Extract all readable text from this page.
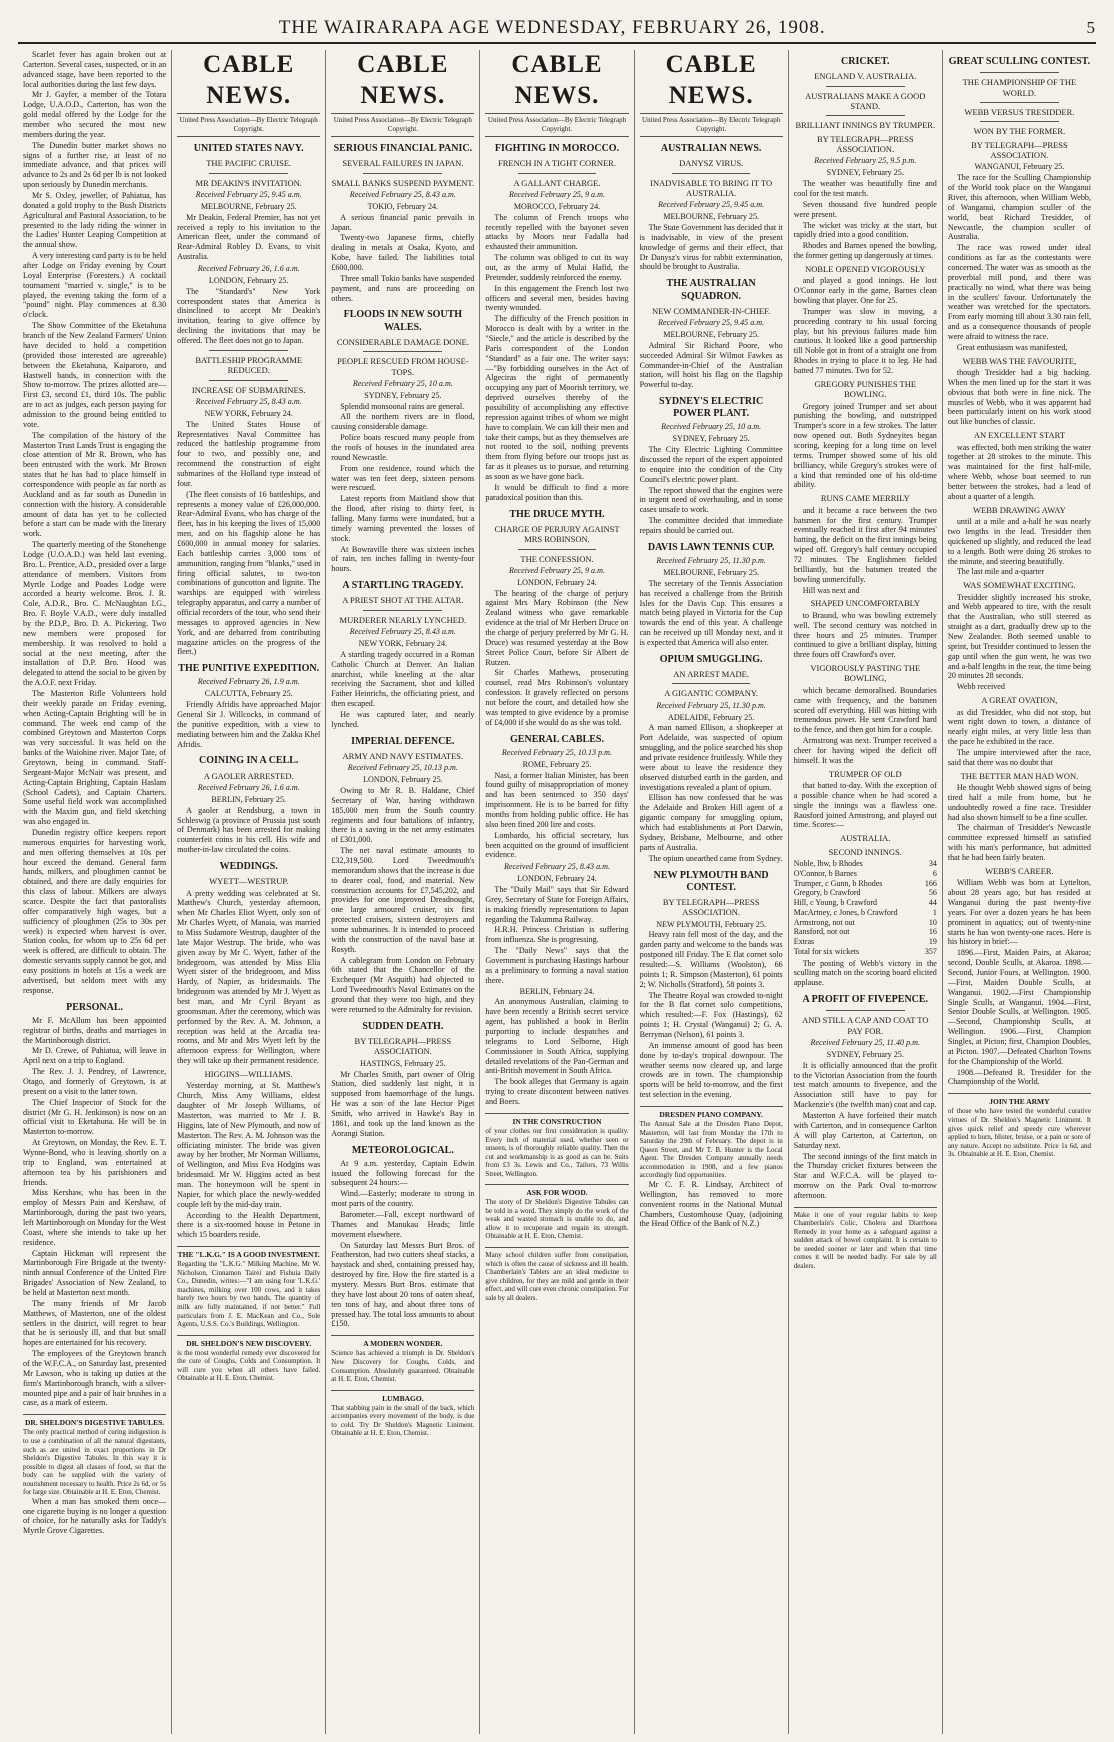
THE WAIRARAPA AGE WEDNESDAY, FEBRUARY 26, 1908.	5

Scarlet fever has again broken out at Carterton. Several cases, suspected, or in an advanced stage, have been reported to the local authorities during the last few days.

Mr J. Gayfer, a member of the Totara Lodge, U.A.O.D., Carterton, has won the gold medal offered by the Lodge for the member who secured the most new members during the year.

The Dunedin butter market shows no signs of a further rise, at least of no immediate advance, and that prices will advance to 2s and 2s 6d per lb is not looked upon seriously by Dunedin merchants.

Mr S. Oxley, jeweller, of Pahiatua, has donated a gold trophy to the Bush Districts Agricultural and Pastoral Association, to be presented to the lady riding the winner in the Ladies' Hunter Leaping Competition at the annual show.

A very interesting card party is to be held after Lodge on Friday evening by Court Loyal Enterprise (Foresters.) A cocktail tournament "married v. single," is to be played, the evening taking the form of a "pound" night. Play commences at 8.30 o'clock.

The Show Committee of the Eketahuna branch of the New Zealand Farmers' Union have decided to hold a competition (provided those interested are agreeable) between the Eketahuna, Kaiparoro, and Hastwell bands, in connection with the Show to-morrow. The prizes allotted are—First £3, second £1, third 10s. The public are to act as judges, each person paying for admission to the ground being entitled to vote.

The compilation of the history of the Masterton Trust Lands Trust is engaging the close attention of Mr R. Brown, who has been entrusted with the work. Mr Brown states that he has had to place himself in correspondence with people as far north as Auckland and as far south as Dunedin in connection with the history. A considerable amount of data has yet to be collected before a start can be made with the literary work.

The quarterly meeting of the Stonehenge Lodge (U.O.A.D.) was held last evening. Bro. L. Prentice, A.D., presided over a large attendance of members. Visitors from Myrtle Lodge and Poades Lodge were accorded a hearty welcome. Bros. J. R. Cole, A.D.R., Bro. C. McNaughtan I.G., Bro. F. Boyle V.A.D., were duly installed by the P.D.P., Bro. D. A. Pickering. Two new members were proposed for membership. It was resolved to hold a social at the next meeting, after the installation of D.P. Bro. Hood was delegated to attend the social to be given by the A.O.F. next Friday.

The Masterton Rifle Volunteers hold their weekly parade on Friday evening, when Acting-Captain Brighting will be in command. The week end camp of the combined Greytown and Masterton Corps was very successful. It was held on the banks of the Waiohine river. Major Tate, of Greytown, being in command. Staff-Sergeant-Major McNair was present, and Acting-Captain Brighting, Captain Haslam (School Cadets), and Captain Charters. Some useful field work was accomplished with the Maxim gun, and field sketching was also engaged in.

Dunedin registry office keepers report numerous enquiries for harvesting work, and men offering themselves at 10s per hour exceed the demand. General farm hands, milkers, and ploughmen cannot be obtained, and there are daily enquiries for this class of labour. Milkers are always scarce. Despite the fact that pastoralists offer comparatively high wages, but a sufficiency of ploughmen (25s to 30s per week) is expected when harvest is over. Station cooks, for whom up to 25s 6d per week is offered, are difficult to obtain. The domestic servants supply cannot be got, and easy positions in hotels at 15s a week are advertised, but seldom meet with any response.

PERSONAL.

Mr F. McAllum has been appointed registrar of births, deaths and marriages in the Martinborough district.

Mr D. Crewe, of Pahiatua, will leave in April next on a trip to England.

The Rev. J. J. Pendrey, of Lawrence, Otago, and formerly of Greytown, is at present on a visit to the latter town.

The Chief Inspector of Stock for the district (Mr G. H. Jenkinson) is now on an official visit to Eketahuna. He will be in Masterton to-morrow.

At Greytown, on Monday, the Rev. E. T. Wynne-Bond, who is leaving shortly on a trip to England, was entertained at afternoon tea by his parishioners and friends.

Miss Kershaw, who has been in the employ of Messrs Pain and Kershaw, of Martinborough, during the past two years, left Martinborough on Monday for the West Coast, where she intends to take up her residence.

Captain Hickman will represent the Martinborough Fire Brigade at the twenty-ninth annual Conference of the United Fire Brigades' Association of New Zealand, to be held at Masterton next month.

The many friends of Mr Jacob Matthews, of Masterton, one of the oldest settlers in the district, will regret to hear that he is seriously ill, and that but small hopes are entertained for his recovery.

The employees of the Greytown branch of the W.F.C.A., on Saturday last, presented Mr Lawson, who is taking up duties at the firm's Martinborough branch, with a silver-mounted pipe and a pair of hair brushes in a case, as a mark of esteem.

DR. SHELDON'S DIGESTIVE TABULES.
The only practical method of curing indigestion is to use a combination of all the natural digestants, such as are united in exact proportions in Dr Sheldon's Digestive Tabules. In this way it is possible to digest all classes of food, so that the body can be supplied with the variety of nourishment necessary to health. Price 2s 6d, or 5s for large size. Obtainable at H. E. Eton, Chemist.

When a man has smoked them once—one cigarette buying is no longer a question of choice, for he naturally asks for Taddy's Myrtle Grove Cigarettes.

CABLE NEWS.
United Press Association—By Electric Telegraph Copyright.
UNITED STATES NAVY.
THE PACIFIC CRUISE.
MR DEAKIN'S INVITATION.
Received February 25, 9.45 a.m.
MELBOURNE, February 25.

Mr Deakin, Federal Premier, has not yet received a reply to his invitation to the American fleet, under the command of Rear-Admiral Robley D. Evans, to visit Australia.

Received February 26, 1.6 a.m.
LONDON, February 25.

The "Standard's" New York correspondent states that America is disinclined to accept Mr Deakin's invitation, fearing to give offence by declining the invitations that may be offered. The fleet does not go to Japan.

BATTLESHIP PROGRAMME REDUCED.
INCREASE OF SUBMARINES.
Received February 25, 8.43 a.m.
NEW YORK, February 24.

The United States House of Representatives Naval Committee has reduced the battleship programme from four to two, and possibly one, and recommend the construction of eight submarines of the Holland type instead of four.

(The fleet consists of 16 battleships, and represents a money value of £26,000,000. Rear-Admiral Evans, who has charge of the fleet, has in his keeping the lives of 15,000 men, and on his flagship alone he has £600,000 in annual money for salaries. Each battleship carries 3,000 tons of ammunition, ranging from "blanks," used in firing official salutes, to two-ton combinations of guncotton and lignite. The warships are equipped with wireless telegraphy apparatus, and carry a number of official recorders of the tour, who send their messages to approved agencies in New York, and are debarred from contributing magazine articles on the progress of the fleet.)

THE PUNITIVE EXPEDITION.
Received February 26, 1.9 a.m.
CALCUTTA, February 25.

Friendly Afridis have approached Major General Sir J. Willcocks, in command of the punitive expedition, with a view to mediating between him and the Zakka Khel Afridis.

COINING IN A CELL.
A GAOLER ARRESTED.
Received February 26, 1.6 a.m.
BERLIN, February 25.

A gaoler at Rendsburg, a town in Schleswig (a province of Prussia just south of Denmark) has been arrested for making counterfeit coins in his cell. His wife and mother-in-law circulated the coins.

WEDDINGS.
WYETT—WESTRUP.

A pretty wedding was celebrated at St. Matthew's Church, yesterday afternoon, when Mr Charles Eliot Wyett, only son of Mr Charles Wyett, of Manaia, was married to Miss Sudamore Westrup, daughter of the late Major Westrup. The bride, who was given away by Mr C. Wyett, father of the bridegroom, was attended by Miss Elia Wyett sister of the bridegroom, and Miss Hardy, of Napier, as bridesmaids. The bridegroom was attended by Mr J. Wyett as best man, and Mr Cyril Bryant as groomsman. After the ceremony, which was performed by the Rev. A. M. Johnson, a reception was held at the Arcadia tea-rooms, and Mr and Mrs Wyett left by the afternoon express for Wellington, where they will take up their permanent residence.

HIGGINS—WILLIAMS.

Yesterday morning, at St. Matthew's Church, Miss Amy Williams, eldest daughter of Mr Joseph Williams, of Masterton, was married to Mr J. B. Higgins, late of New Plymouth, and now of Masterton. The Rev. A. M. Johnson was the officiating minister. The bride was given away by her brother, Mr Norman Williams, of Wellington, and Miss Eva Hodgins was bridesmaid. Mr W. Higgins acted as best man. The honeymoon will be spent in Napier, for which place the newly-wedded couple left by the mid-day train.

According to the Health Department, there is a six-roomed house in Petone in which 15 boarders reside.

THE "L.K.G." IS A GOOD INVESTMENT.
Regarding the "L.K.G." Milking Machine, Mr W. Nicholson, Cinnamon Tairei and Fishuia Daily Co., Dunedin, writes:—"I am using four 'L.K.G.' machines, milking over 100 cows, and it takes barely two hours by two hands. The quantity of milk are fully maintained, if not better." Full particulars from J. E. MacKean and Co., Sole Agents, U.S.S. Co.'s Buildings, Wellington.
DR. SHELDON'S NEW DISCOVERY.
is the most wonderful remedy ever discovered for the cure of Coughs, Colds and Consumption. It will cure you when all others have failed. Obtainable at H. E. Eton, Chemist.
CABLE NEWS.
United Press Association—By Electric Telegraph Copyright.
SERIOUS FINANCIAL PANIC.
SEVERAL FAILURES IN JAPAN.
SMALL BANKS SUSPEND PAYMENT.
Received February 25, 8.43 a.m.
TOKIO, February 24.

A serious financial panic prevails in Japan.

Twenty-two Japanese firms, chiefly dealing in metals at Osaka, Kyoto, and Kobe, have failed. The liabilities total £600,000.

Three small Tokio banks have suspended payment, and runs are proceeding on others.

FLOODS IN NEW SOUTH WALES.
CONSIDERABLE DAMAGE DONE.
PEOPLE RESCUED FROM HOUSE-TOPS.
Received February 25, 10 a.m.
SYDNEY, February 25.

Splendid monsoonal rains are general.

All the northern rivers are in flood, causing considerable damage.

Police boats rescued many people from the roofs of houses in the inundated area round Newcastle.

From one residence, round which the water was ten feet deep, sixteen persons were rescued.

Latest reports from Maitland show that the flood, after rising to thirty feet, is falling. Many farms were inundated, but a timely warning prevented the losses of stock.

At Bowraville there was sixteen inches of rain, ten inches falling in twenty-four hours.

A STARTLING TRAGEDY.
A PRIEST SHOT AT THE ALTAR.
MURDERER NEARLY LYNCHED.
Received February 25, 8.43 a.m.
NEW YORK, February 24.

A startling tragedy occurred in a Roman Catholic Church at Denver. An Italian anarchist, while kneeling at the altar receiving the Sacrament, shot and killed Father Heinrichs, the officiating priest, and then escaped.

He was captured later, and nearly lynched.

IMPERIAL DEFENCE.
ARMY AND NAVY ESTIMATES.
Received February 25, 10.13 p.m.
LONDON, February 25.

Owing to Mr R. B. Haldane, Chief Secretary of War, having withdrawn 185,000 men from the South country regiments and four battalions of infantry, there is a saving in the net army estimates of £301,000.

The net naval estimate amounts to £32,319,500. Lord Tweedmouth's memorandum shows that the increase is due to dearer coal, food, and material. New construction accounts for £7,545,202, and provides for one improved Dreadnought, one large armoured cruiser, six first protected cruisers, sixteen destroyers and some submarines. It is intended to proceed with the construction of the naval base at Rosyth.

A cablegram from London on February 6th stated that the Chancellor of the Exchequer (Mr Asquith) had objected to Lord Tweedmouth's Naval Estimates on the ground that they were too high, and they were returned to the Admiralty for revision.

SUDDEN DEATH.
BY TELEGRAPH—PRESS ASSOCIATION.
HASTINGS, February 25.

Mr Charles Smith, part owner of Olrig Station, died suddenly last night, it is supposed from haemorrhage of the lungs. He was a son of the late Hector Piget Smith, who arrived in Hawke's Bay in 1861, and took up the land known as the Aorangi Station.

METEOROLOGICAL.

At 9 a.m. yesterday, Captain Edwin issued the following forecast for the subsequent 24 hours:—

Wind.—Easterly; moderate to strong in most parts of the country.

Barometer.—Fall, except northward of Thames and Manukau Heads; little movement elsewhere.

On Saturday last Messrs Burt Bros. of Featherston, had two cutters sheaf stacks, a haystack and shed, containing pressed hay, destroyed by fire. How the fire started is a mystery. Messrs Burt Bros. estimate that they have lost about 20 tons of oaten sheaf, ten tons of hay, and about three tons of pressed hay. The total loss amounts to about £150.

A MODERN WONDER.
Science has achieved a triumph in Dr. Sheldon's New Discovery for Coughs, Colds, and Consumption. Absolutely guaranteed. Obtainable at H. E. Eton, Chemist.
LUMBAGO.
That stabbing pain in the small of the back, which accompanies every movement of the body, is due to cold. Try Dr Sheldon's Magnetic Liniment. Obtainable at H. E. Eton, Chemist.
CABLE NEWS.
United Press Association—By Electric Telegraph Copyright.
FIGHTING IN MOROCCO.
FRENCH IN A TIGHT CORNER.
A GALLANT CHARGE.
Received February 25, 9 a.m.
MOROCCO, February 24.

The column of French troops who recently repelled with the bayonet seven attacks by Moors near Fadalla had exhausted their ammunition.

The column was obliged to cut its way out, as the army of Mulai Hafid, the Pretender, suddenly reinforced the enemy.

In this engagement the French lost two officers and several men, besides having twenty wounded.

The difficulty of the French position in Morocco is dealt with by a writer in the "Siecle," and the article is described by the Paris correspondent of the London "Standard" as a fair one. The writer says:—"By forbidding ourselves in the Act of Algeciras the right of permanently occupying any part of Moorish territory, we deprived ourselves thereby of the possibility of accomplishing any effective repression against tribes of whom we might have to complain. We can kill their men and take their camps, but as they themselves are not rooted to the soil, nothing prevents them from flying before our troops just as far as it pleases us to pursue, and returning as soon as we have gone back.

It would be difficult to find a more paradoxical position than this.

THE DRUCE MYTH.
CHARGE OF PERJURY AGAINST MRS ROBINSON.
THE CONFESSION.
Received February 25, 9 a.m.
LONDON, February 24.

The hearing of the charge of perjury against Mrs Mary Robinson (the New Zealand witness who gave remarkable evidence at the trial of Mr Herbert Druce on the charge of perjury preferred by Mr G. H. Druce) was resumed yesterday at the Bow Street Police Court, before Sir Albert de Rutzen.

Sir Charles Mathews, prosecuting counsel, read Mrs Robinson's voluntary confession. It gravely reflected on persons not before the court, and detailed how she was tempted to give evidence by a promise of £4,000 if she would do as she was told.

GENERAL CABLES.
Received February 25, 10.13 p.m.
ROME, February 25.

Nasi, a former Italian Minister, has been found guilty of misappropriation of money and has been sentenced to 350 days' imprisonment. He is to be barred for fifty months from holding public office. He has also been fined 200 lire and costs.

Lombardo, his official secretary, has been acquitted on the ground of insufficient evidence.

Received February 25, 8.43 a.m.
LONDON, February 24.

The "Daily Mail" says that Sir Edward Grey, Secretary of State for Foreign Affairs, is making friendly representations to Japan regarding the Takumma Railway.

H.R.H. Princess Christian is suffering from influenza. She is progressing.

The "Daily News" says that the Government is purchasing Hastings harbour as a preliminary to forming a naval station there.

BERLIN, February 24.

An anonymous Australian, claiming to have been recently a British secret service agent, has published a book in Berlin purporting to include despatches and telegrams to Lord Selborne, High Commissioner in South Africa, supplying detailed revelations of the Pan-German and anti-British movement in South Africa.

The book alleges that Germany is again trying to create discontent between natives and Boers.

IN THE CONSTRUCTION
of your clothes our first consideration is quality. Every inch of material used, whether seen or unseen, is of thoroughly reliable quality. Then the cut and workmanship is as good as can be. Suits from £3 3s. Lewis and Co., Tailors, 73 Willis Street, Wellington.
ASK FOR WOOD.
The story of Dr Sheldon's Digestive Tabules can be told in a word. They simply do the work of the weak and wasted stomach is unable to do, and allow it to recuperate and regain its strength. Obtainable at H. E. Eton, Chemist.
Many school children suffer from constipation, which is often the cause of sickness and ill health. Chamberlain's Tablets are an ideal medicine to give children, for they are mild and gentle in their effect, and will cure even chronic constipation. For sale by all dealers.
CABLE NEWS.
United Press Association—By Electric Telegraph Copyright.
AUSTRALIAN NEWS.
DANYSZ VIRUS.
INADVISABLE TO BRING IT TO AUSTRALIA.
Received February 25, 9.45 a.m.
MELBOURNE, February 25.

The State Government has decided that it is inadvisable, in view of the present knowledge of germs and their effect, that Dr Danysz's virus for rabbit extermination, should be brought to Australia.

THE AUSTRALIAN SQUADRON.
NEW COMMANDER-IN-CHIEF.
Received February 25, 9.45 a.m.
MELBOURNE, February 25.

Admiral Sir Richard Poore, who succeeded Admiral Sir Wilmot Fawkes as Commander-in-Chief of the Australian station, will hoist his flag on the flagship Powerful to-day.

SYDNEY'S ELECTRIC POWER PLANT.
Received February 25, 10 a.m.
SYDNEY, February 25.

The City Electric Lighting Committee discussed the report of the expert appointed to enquire into the condition of the City Council's electric power plant.

The report showed that the engines were in urgent need of overhauling, and in some cases unsafe to work.

The committee decided that immediate repairs should be carried out.

DAVIS LAWN TENNIS CUP.
Received February 25, 11.30 p.m.
MELBOURNE, February 25.

The secretary of the Tennis Association has received a challenge from the British Isles for the Davis Cup. This ensures a match being played in Victoria for the Cup towards the end of this year. A challenge can be received up till Monday next, and it is expected that America will also enter.

OPIUM SMUGGLING.
AN ARREST MADE.
A GIGANTIC COMPANY.
Received February 25, 11.30 p.m.
ADELAIDE, February 25.

A man named Ellison, a shopkeeper at Port Adelaide, was suspected of opium smuggling, and the police searched his shop and private residence fruitlessly. While they were about to leave the residence they observed disturbed earth in the garden, and investigations revealed a plant of opium.

Ellison has now confessed that he was the Adelaide and Broken Hill agent of a gigantic company for smuggling opium, which had establishments at Port Darwin, Sydney, Brisbane, Melbourne, and other parts of Australia.

The opium unearthed came from Sydney.

NEW PLYMOUTH BAND CONTEST.
BY TELEGRAPH—PRESS ASSOCIATION.
NEW PLYMOUTH, February 25.

Heavy rain fell most of the day, and the garden party and welcome to the bands was postponed till Friday. The E flat cornet solo resulted:—S. Williams (Woolston), 66 points 1; R. Simpson (Masterton), 61 points 2; W. Nicholls (Stratford), 58 points 3.

The Theatre Royal was crowded to-night for the B flat cornet solo competitions, which resulted:—F. Fox (Hastings), 62 points 1; H. Crystal (Wanganui) 2; G. A. Berryman (Nelson), 61 points 3.

An immense amount of good has been done by to-day's tropical downpour. The weather seems now cleared up, and large crowds are in town. The championship sports will be held to-morrow, and the first test selection in the evening.

DRESDEN PIANO COMPANY.
The Annual Sale at the Dresden Piano Depot, Masterton, will last from Monday the 17th to Saturday the 29th of February. The depot is in Queen Street, and Mr T. B. Hunter is the Local Agent. The Dresden Company annually needs accommodation in 1908, and a few pianos accordingly find opportunities.

Mr C. F. R. Lindsay, Architect of Wellington, has removed to more convenient rooms in the National Mutual Chambers, Customhouse Quay, (adjoining the Head Office of the Bank of N.Z.)

CRICKET.
ENGLAND V. AUSTRALIA.
AUSTRALIANS MAKE A GOOD STAND.
BRILLIANT INNINGS BY TRUMPER.
BY TELEGRAPH—PRESS ASSOCIATION.
Received February 25, 9.5 p.m.
SYDNEY, February 25.

The weather was beautifully fine and cool for the test match.

Seven thousand five hundred people were present.

The wicket was tricky at the start, but rapidly dried into a good condition.

Rhodes and Barnes opened the bowling, the former getting up dangerously at times.

NOBLE OPENED VIGOROUSLY

and played a good innings. He lost O'Connor early in the game, Barnes clean bowling that player. One for 25.

Trumper was slow in moving, a proceeding contrary to his usual forcing play, but his previous failures made him cautious. It looked like a good partnership till Noble got in front of a straight one from Rhodes in trying to place it to leg. He had batted 77 minutes. Two for 52.

GREGORY PUNISHES THE BOWLING.

Gregory joined Trumper and set about punishing the bowling, and outstripped Trumper's score in a few strokes. The latter now opened out. Both Sydneyites began scoring, keeping for a long time on level terms. Trumper showed some of his old brilliancy, while Gregory's strokes were of a kind that reminded one of his old-time ability.

RUNS CAME MERRILY

and it became a race between the two batsmen for the first century. Trumper eventually reached it first after 94 minutes' batting, the deficit on the first innings being wiped off. Gregory's half century occupied 72 minutes. The Englishmen fielded brilliantly, but the batsmen treated the bowling unmercifully.

Hill was next and

SHAPED UNCOMFORTABLY

to Braund, who was bowling extremely well. The second century was notched in three hours and 25 minutes. Trumper continued to give a brilliant display, hitting three fours off Crawford's over.

VIGOROUSLY PASTING THE BOWLING,

which became demoralised. Boundaries came with frequency, and the batsmen scored off everything. Hill was hitting with tremendous power. He sent Crawford hard to the fence, and then got him for a couple.

Armstrong was next. Trumper received a cheer for having wiped the deficit off himself. It was the

TRUMPER OF OLD

that batted to-day. With the exception of a possible chance when he had scored a single the innings was a flawless one. Rausford joined Armstrong, and played out time. Scores:—

AUSTRALIA.
SECOND INNINGS.
Noble, lbw, b Rhodes	34
O'Connor, b Barnes	6
Trumper, c Gunn, b Rhodes	166
Gregory, b Crawford	56
Hill, c Young, b Crawford	44
MacArtney, c Jones, b Crawford	1
Armstrong, not out	10
Ransford, not out	16
Extras	19
Total for six wickets	357

The posting of Webb's victory in the sculling match on the scoring board elicited applause.

A PROFIT OF FIVEPENCE.
AND STILL A CAP AND COAT TO PAY FOR.
Received February 25, 11.40 p.m.
SYDNEY, February 25.

It is officially announced that the profit to the Victorian Association from the fourth test match amounts to fivepence, and the Association still have to pay for Mackenzie's (the twelfth man) coat and cap.

Masterton A have forfeited their match with Carterton, and in consequence Carlton A will play Carterton, at Carterton, on Saturday next.

The second innings of the first match in the Thursday cricket fixtures between the Star and W.F.C.A. will be played to-morrow on the Park Oval to-morrow afternoon.

Make it one of your regular habits to keep Chamberlain's Colic, Cholera and Diarrhoea Remedy in your home as a safeguard against a sudden attack of bowel complaint. It is certain to be needed sooner or later and when that time comes it will be needed badly. For sale by all dealers.
GREAT SCULLING CONTEST.
THE CHAMPIONSHIP OF THE WORLD.
WEBB VERSUS TRESIDDER.
WON BY THE FORMER.
BY TELEGRAPH—PRESS ASSOCIATION.
WANGANUI, February 25.

The race for the Sculling Championship of the World took place on the Wanganui River, this afternoon, when William Webb, of Wanganui, champion sculler of the world, beat Richard Tresidder, of Newcastle, the champion sculler of Australia.

The race was rowed under ideal conditions as far as the contestants were concerned. The water was as smooth as the proverbial mill pond, and there was practically no wind, what there was being in the scullers' favour. Unfortunately the weather was wretched for the spectators. From early morning till about 3.30 rain fell, and as a consequence thousands of people were afraid to witness the race.

Great enthusiasm was manifested,

WEBB WAS THE FAVOURITE,

though Tresidder had a big backing. When the men lined up for the start it was obvious that both were in fine nick. The muscles of Webb, who it was apparent had been particularly intent on his work stood out like bunches of classic.

AN EXCELLENT START

was effected, both men striking the water together at 28 strokes to the minute. This was maintained for the first half-mile, where Webb, whose boat seemed to run better between the strokes, had a lead of about a quarter of a length.

WEBB DRAWING AWAY

until at a mile and a-half he was nearly two lengths in the lead. Tresidder then quickened up slightly, and reduced the lead to a length. Both were doing 26 strokes to the minute, and steering beautifully.

The last mile and a-quarter

WAS SOMEWHAT EXCITING.

Tresidder slightly increased his stroke, and Webb appeared to tire, with the result that the Australian, who still steered as straight as a dart, gradually drew up to the New Zealander. Both seemed unable to sprint, but Tresidder continued to lessen the gap until when the gun went, he was two and a-half lengths in the rear, the time being 20 minutes 28 seconds.

Webb received

A GREAT OVATION,

as did Tresidder, who did not stop, but went right down to town, a distance of nearly eight miles, at very little less than the pace he exhibited in the race.

The umpire interviewed after the race, said that there was no doubt that

THE BETTER MAN HAD WON.

He thought Webb showed signs of being tired half a mile from home, but he undoubtedly rowed a fine race. Tresidder had also shown himself to be a fine sculler.

The chairman of Tresidder's Newcastle committee expressed himself as satisfied with his man's performance, but admitted that he had been fairly beaten.

WEBB'S CAREER.

William Webb was born at Lyttelton, about 28 years ago, but has resided at Wanganui during the past twenty-five years. For over a dozen years he has been prominent in aquatics; out of twenty-nine starts he has won twenty-one races. Here is his history in brief:—

1896.—First, Maiden Pairs, at Akaroa; second, Double Sculls, at Akaroa. 1898.—Second, Junior Fours, at Wellington. 1900.—First, Maiden Double Sculls, at Wanganui. 1902.—First Championship Single Sculls, at Wanganui. 1904.—First, Senior Double Sculls, at Wellington. 1905.—Second, Championship Sculls, at Wellington. 1906.—First, Champion Singles, at Picton; first, Champion Doubles, at Picton. 1907.—Defeated Charlton Towns for the Championship of the World.

1908.—Defeated R. Tresidder for the Championship of the World.

JOIN THE ARMY
of those who have tested the wonderful curative virtues of Dr. Sheldon's Magnetic Liniment. It gives quick relief and speedy cure wherever applied to burn, blister, bruise, or a pain or sore of any nature. Accept no substitute. Price 1s 6d, and 3s. Obtainable at H. E. Eton, Chemist.
